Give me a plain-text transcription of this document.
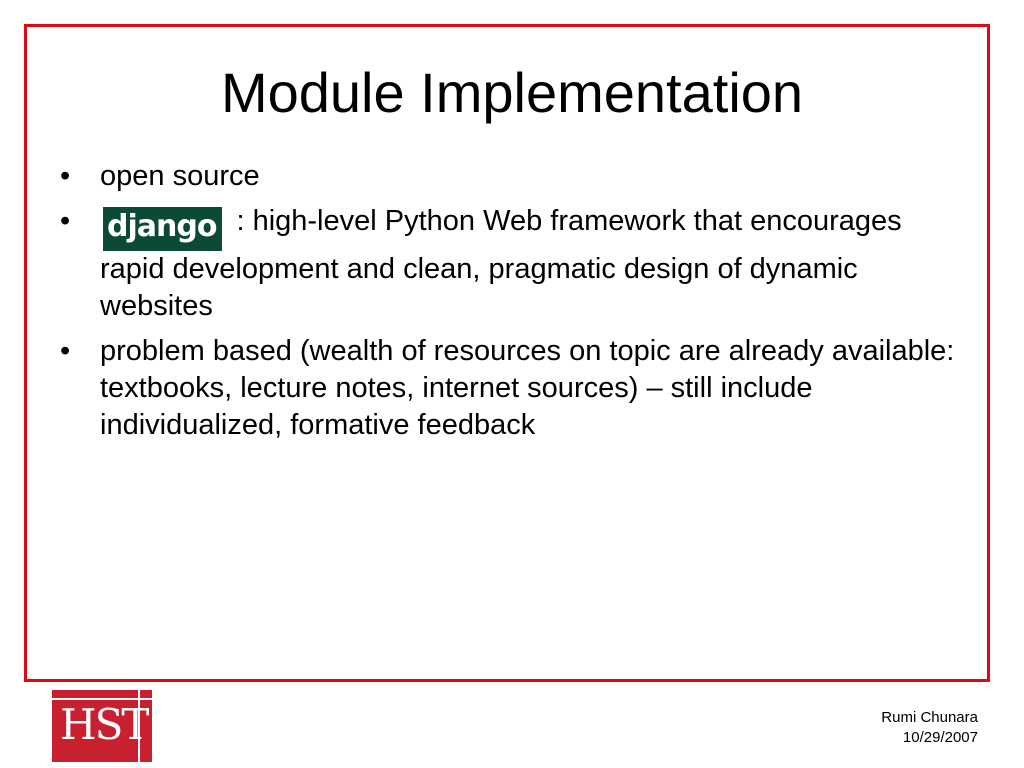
Module Implementation
• open source
• django : high-level Python Web framework that encourages rapid development and clean, pragmatic design of dynamic websites
• problem based (wealth of resources on topic are already available: textbooks, lecture notes, internet sources) – still include individualized, formative feedback
HST	Rumi Chunara
10/29/2007
